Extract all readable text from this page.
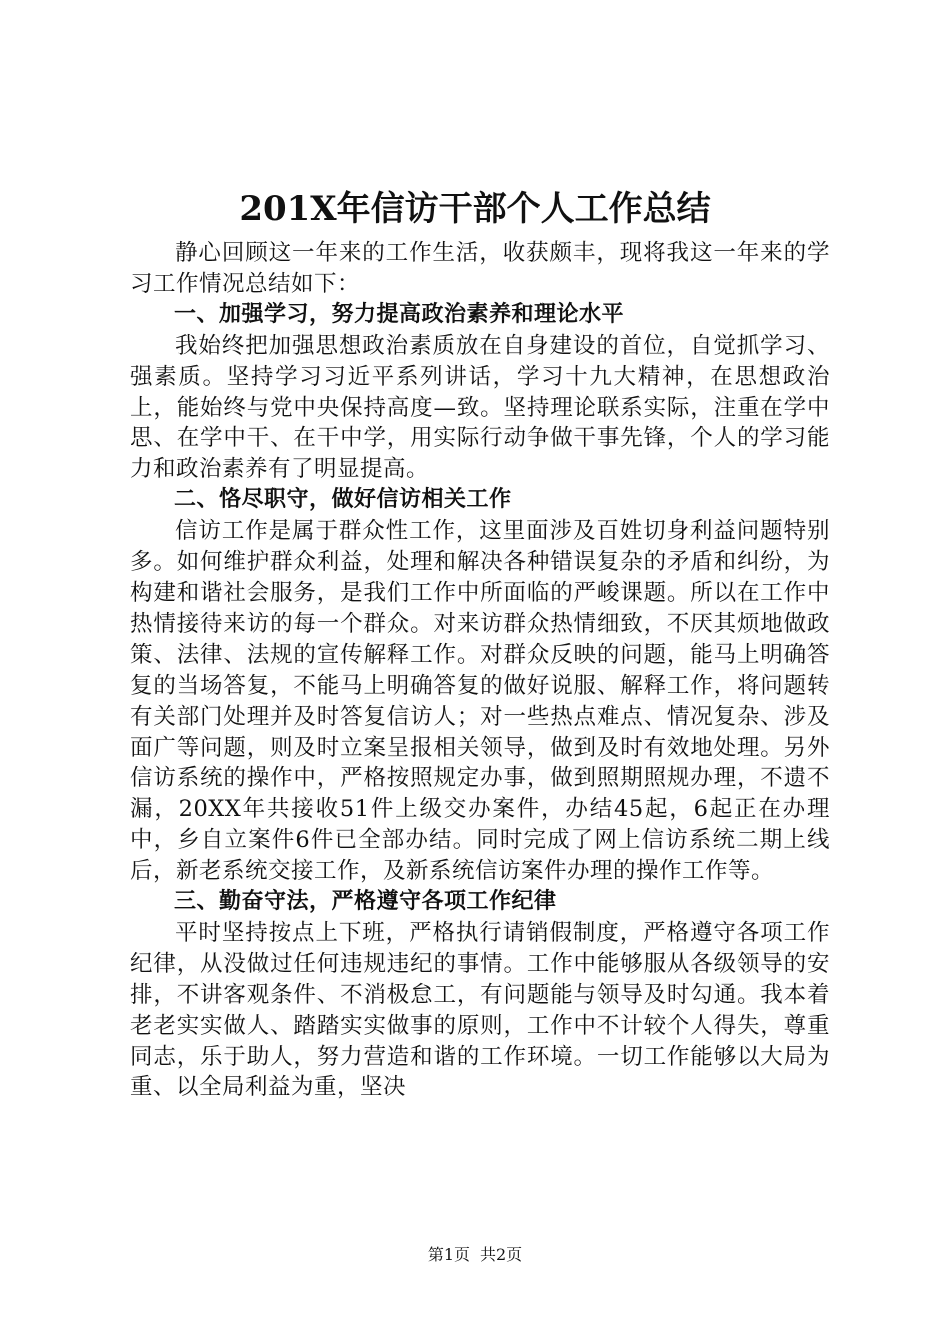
201X年信访干部个人工作总结

静心回顾这一年来的工作生活，收获颇丰，现将我这一年来的学习工作情况总结如下：

一、加强学习，努力提高政治素养和理论水平

我始终把加强思想政治素质放在自身建设的首位，自觉抓学习、强素质。坚持学习习近平系列讲话，学习十九大精神，在思想政治上，能始终与党中央保持高度—致。坚持理论联系实际，注重在学中思、在学中干、在干中学，用实际行动争做干事先锋，个人的学习能力和政治素养有了明显提高。

二、恪尽职守，做好信访相关工作

信访工作是属于群众性工作，这里面涉及百姓切身利益问题特别多。如何维护群众利益，处理和解决各种错误复杂的矛盾和纠纷，为构建和谐社会服务，是我们工作中所面临的严峻课题。所以在工作中热情接待来访的每一个群众。对来访群众热情细致，不厌其烦地做政策、法律、法规的宣传解释工作。对群众反映的问题，能马上明确答复的当场答复，不能马上明确答复的做好说服、解释工作，将问题转有关部门处理并及时答复信访人；对一些热点难点、情况复杂、涉及面广等问题，则及时立案呈报相关领导，做到及时有效地处理。另外信访系统的操作中，严格按照规定办事，做到照期照规办理，不遗不漏，20XX年共接收51件上级交办案件，办结45起，6起正在办理中，乡自立案件6件已全部办结。同时完成了网上信访系统二期上线后，新老系统交接工作，及新系统信访案件办理的操作工作等。

三、勤奋守法，严格遵守各项工作纪律

平时坚持按点上下班，严格执行请销假制度，严格遵守各项工作纪律，从没做过任何违规违纪的事情。工作中能够服从各级领导的安排，不讲客观条件、不消极怠工，有问题能与领导及时勾通。我本着老老实实做人、踏踏实实做事的原则，工作中不计较个人得失，尊重同志，乐于助人，努力营造和谐的工作环境。一切工作能够以大局为重、以全局利益为重，坚决

第1页 共2页
